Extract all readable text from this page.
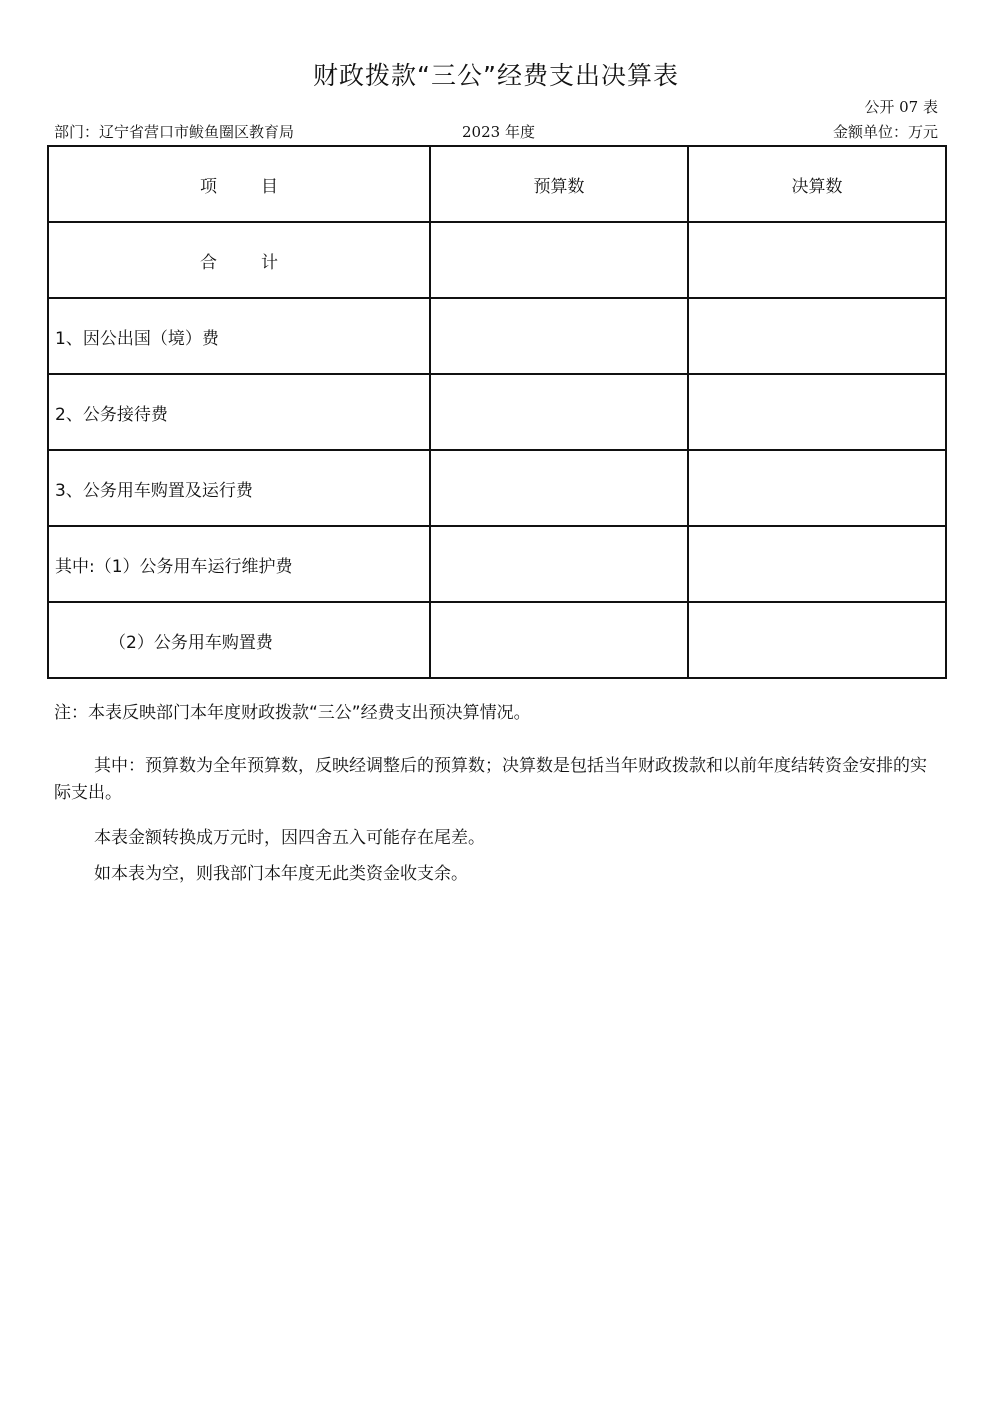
财政拨款“三公”经费支出决算表
公开 07 表
部门：辽宁省营口市鲅鱼圈区教育局	2023 年度	金额单位：万元
项 目	预算数	决算数
合 计		
1、因公出国（境）费		
2、公务接待费		
3、公务用车购置及运行费		
其中:（1）公务用车运行维护费		
（2）公务用车购置费		

注：本表反映部门本年度财政拨款“三公”经费支出预决算情况。

其中：预算数为全年预算数，反映经调整后的预算数；决算数是包括当年财政拨款和以前年度结转资金安排的实际支出。

本表金额转换成万元时，因四舍五入可能存在尾差。

如本表为空，则我部门本年度无此类资金收支余。
